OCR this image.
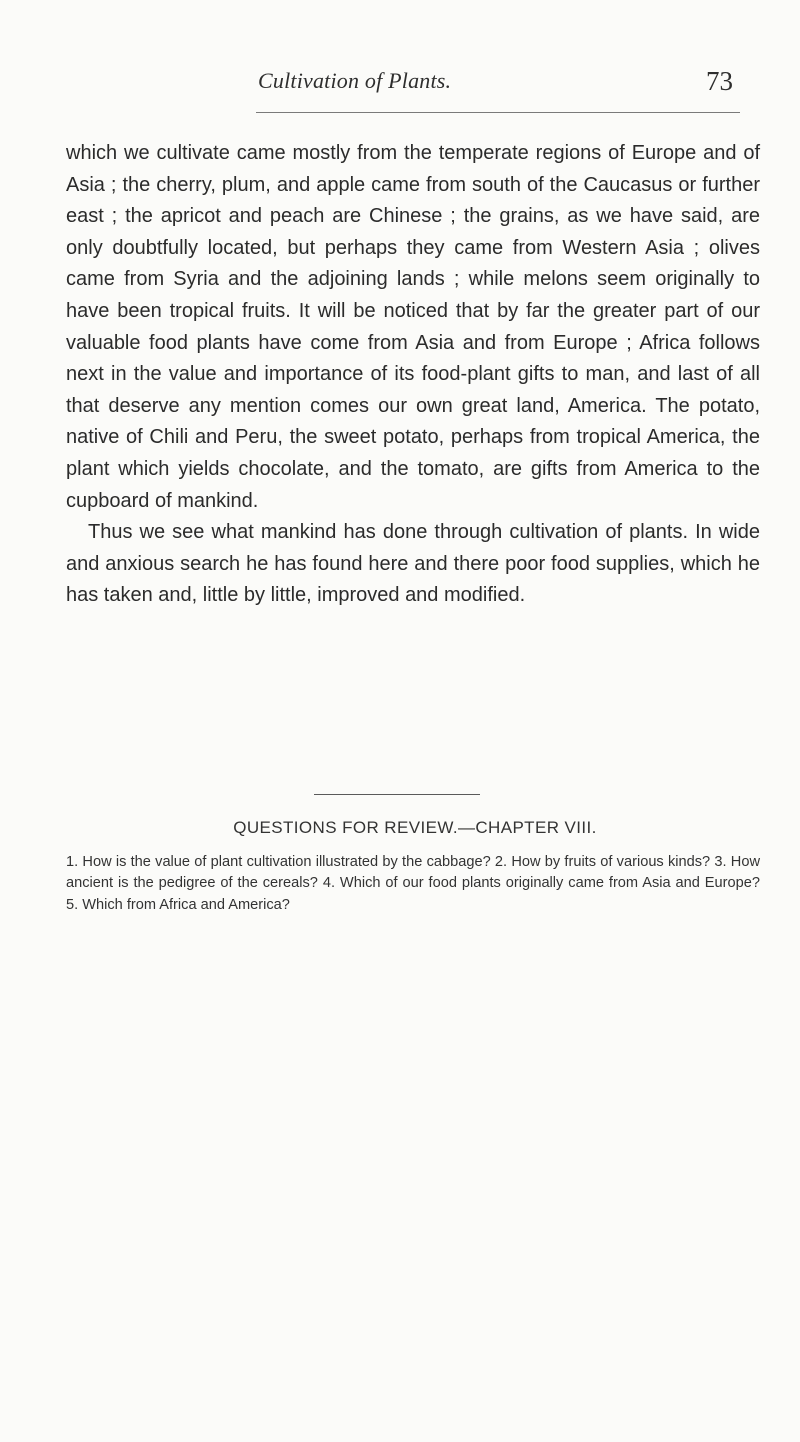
Cultivation of Plants.	73

which we cultivate came mostly from the temperate regions of Europe and of Asia ; the cherry, plum, and apple came from south of the Caucasus or further east ; the apricot and peach are Chinese ; the grains, as we have said, are only doubtfully located, but perhaps they came from Western Asia ; olives came from Syria and the adjoining lands ; while melons seem originally to have been tropical fruits. It will be noticed that by far the greater part of our valuable food plants have come from Asia and from Europe ; Africa follows next in the value and importance of its food-plant gifts to man, and last of all that deserve any mention comes our own great land, America. The potato, native of Chili and Peru, the sweet potato, perhaps from tropical America, the plant which yields chocolate, and the tomato, are gifts from America to the cupboard of mankind.

Thus we see what mankind has done through cultivation of plants. In wide and anxious search he has found here and there poor food supplies, which he has taken and, little by little, improved and modified.

QUESTIONS FOR REVIEW.—CHAPTER VIII.

1. How is the value of plant cultivation illustrated by the cabbage? 2. How by fruits of various kinds? 3. How ancient is the pedigree of the cereals? 4. Which of our food plants originally came from Asia and Europe? 5. Which from Africa and America?
